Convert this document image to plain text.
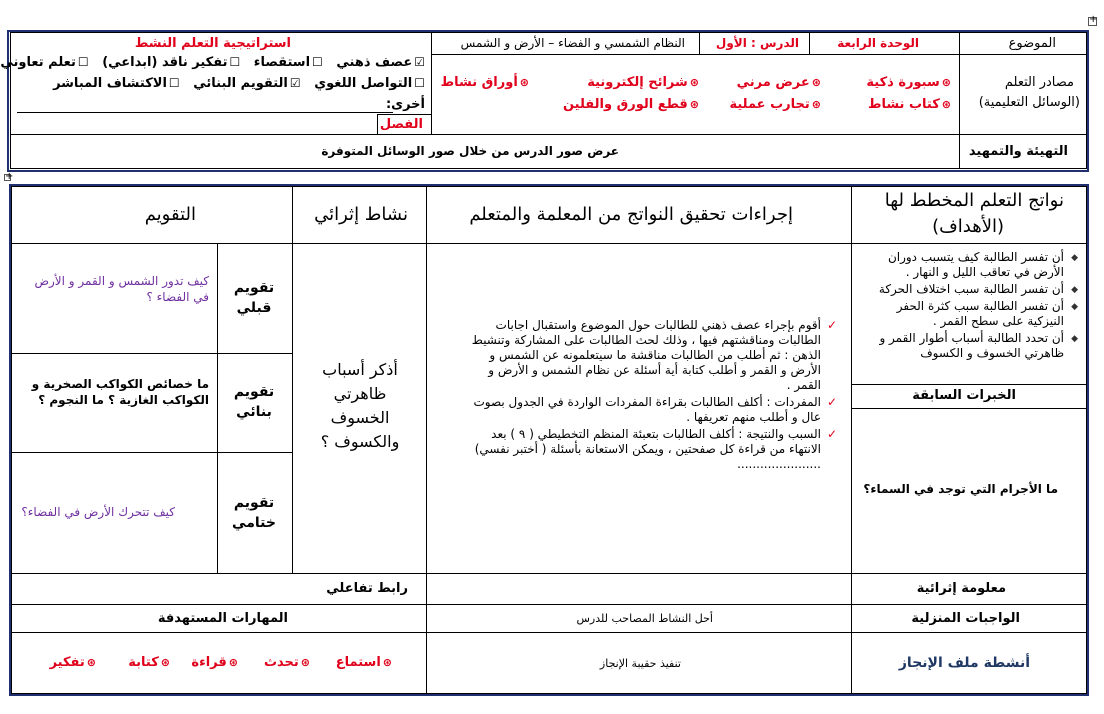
+
+
الموضوع
الوحدة الرابعة
الدرس : الأول
النظام الشمسي و الفضاء – الأرض و الشمس
استراتيجية التعلم النشط
☑عصف ذهني   ☐استقصاء   ☐تفكير ناقد (ابداعي)   ☐تعلم تعاوني
☐التواصل اللغوي   ☑التقويم البنائي   ☐الاكتشاف المباشر
أخرى:
الفصل
مصادر التعلم
(الوسائل التعليمية)
⊛سبورة ذكية
⊛عرض مرني
⊛شرائح إلكترونية
⊛أوراق نشاط
⊛كتاب نشاط
⊛تجارب عملية
⊛قطع الورق والفلين
التهيئة والتمهيد
عرض صور الدرس من خلال صور الوسائل المتوفرة
نواتج التعلم المخطط لها
(الأهداف)
إجراءات تحقيق النواتج من المعلمة والمتعلم
نشاط إثرائي
التقويم
◆ أن تفسر الطالبة كيف يتسبب دوران الأرض في تعاقب الليل و النهار .
◆ أن تفسر الطالبة سبب اختلاف الحركة
◆ أن تفسر الطالبة سبب كثرة الحفر النيزكية على سطح القمر .
◆ أن تحدد الطالبة أسباب أطوار القمر و ظاهرتي الخسوف و الكسوف
الخبرات السابقة
ما الأجرام التي توجد في السماء؟
✓ أقوم بإجراء عصف ذهني للطالبات حول الموضوع واستقبال اجابات الطالبات ومناقشتهم فيها ، وذلك لحث الطالبات على المشاركة وتنشيط الذهن : ثم أطلب من الطالبات مناقشة ما سيتعلمونه عن الشمس و الأرض و القمر و أطلب كتابة أية أسئلة عن نظام الشمس و الأرض و القمر .
✓ المفردات : أكلف الطالبات بقراءة المفردات الواردة في الجدول بصوت عال و أطلب منهم تعريفها .
✓ السبب والنتيجة : أكلف الطالبات بتعبئة المنظم التخطيطي ( ٩ ) بعد الانتهاء من قراءة كل صفحتين ، ويمكن الاستعانة بأسئلة ( أختبر نفسي) ......................
أذكر أسباب ظاهرتي الخسوف والكسوف ؟
تقويم قبلي
كيف تدور الشمس و القمر و الأرض في الفضاء ؟
تقويم بنائي
ما خصائص الكواكب الصخرية و الكواكب الغازية ؟ ما النجوم ؟
تقويم ختامي
كيف تتحرك الأرض في الفضاء؟
معلومة إثرائية
رابط تفاعلي
الواجبات المنزلية
أحل النشاط المصاحب للدرس
المهارات المستهدفة
أنشطة ملف الإنجاز
تنفيذ حقيبة الإنجاز
⊛استماع
⊛تحدث
⊛قراءة
⊛كتابة
⊛تفكير
